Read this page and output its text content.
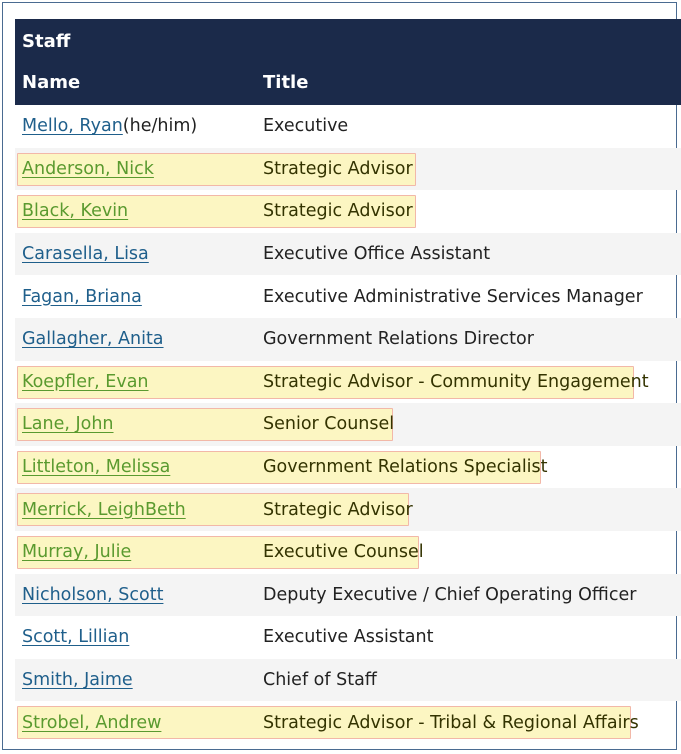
Staff
Name	Title
Mello, Ryan (he/him)	Executive
Anderson, Nick	Strategic Advisor
Black, Kevin	Strategic Advisor
Carasella, Lisa	Executive Office Assistant
Fagan, Briana	Executive Administrative Services Manager
Gallagher, Anita	Government Relations Director
Koepfler, Evan	Strategic Advisor - Community Engagement
Lane, John	Senior Counsel
Littleton, Melissa	Government Relations Specialist
Merrick, LeighBeth	Strategic Advisor
Murray, Julie	Executive Counsel
Nicholson, Scott	Deputy Executive / Chief Operating Officer
Scott, Lillian	Executive Assistant
Smith, Jaime	Chief of Staff
Strobel, Andrew	Strategic Advisor - Tribal & Regional Affairs
